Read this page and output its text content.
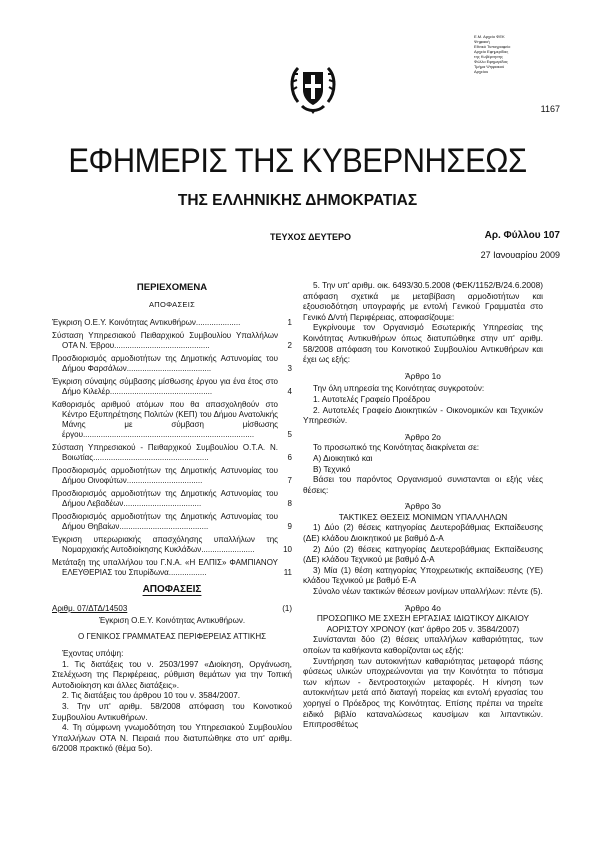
Ε.Μ. Αρχείο ΦΕΚ
Ψηφιακή
Εθνικό Τυπογραφείο
Αρχείο Εφημερίδας
της Κυβέρνησης
Φύλλο Εφημερίδας
Τμήμα Ψηφιακού
Αρχείου
1167
ΕΦΗΜΕΡΙΣ ΤΗΣ ΚΥΒΕΡΝΗΣΕΩΣ
ΤΗΣ ΕΛΛΗΝΙΚΗΣ ΔΗΜΟΚΡΑΤΙΑΣ
ΤΕΥΧΟΣ ΔΕΥΤΕΡΟ	Αρ. Φύλλου 107
27 Ιανουαρίου 2009
ΠΕΡΙΕΧΟΜΕΝΑ
ΑΠΟΦΑΣΕΙΣ
Έγκριση Ο.Ε.Υ. Κοινότητας Αντικυθήρων....................	1
Σύσταση Υπηρεσιακού Πειθαρχικού Συμβουλίου Υπαλλήλων ΟΤΑ Ν. Έβρου...........................................	2
Προσδιορισμός αρμοδιοτήτων της Δημοτικής Αστυνομίας του Δήμου Φαρσάλων......................................	3
Έγκριση σύναψης σύμβασης μίσθωσης έργου για ένα έτος στο Δήμο Κιλελέρ..............................................	4
Καθορισμός αριθμού ατόμων που θα απασχοληθούν στο Κέντρο Εξυπηρέτησης Πολιτών (ΚΕΠ) του Δήμου Ανατολικής Μάνης με σύμβαση μίσθωσης έργου.............................................................................	5
Σύσταση Υπηρεσιακού - Πειθαρχικού Συμβουλίου Ο.Τ.Α. Ν. Βοιωτίας....................................................	6
Προσδιορισμός αρμοδιοτήτων της Δημοτικής Αστυνομίας του Δήμου Οινοφύτων..................................	7
Προσδιορισμός αρμοδιοτήτων της Δημοτικής Αστυνομίας του Δήμου Λεβαδέων...................................	8
Προσδιορισμός αρμοδιοτήτων της Δημοτικής Αστυνομίας του Δήμου Θηβαίων........................................	9
Έγκριση υπερωριακής απασχόλησης υπαλλήλων της Νομαρχιακής Αυτοδιοίκησης Κυκλάδων........................	10
Μετάταξη της υπαλλήλου του Γ.Ν.Α. «Η ΕΛΠΙΣ» ΦΑΜΠΙΑΝΟΥ ΕΛΕΥΘΕΡΙΑΣ του Σπυρίδωνα.................	11
ΑΠΟΦΑΣΕΙΣ
Αριθμ. 07/ΔΤΔ/14503	(1)
Έγκριση Ο.Ε.Υ. Κοινότητας Αντικυθήρων.
Ο ΓΕΝΙΚΟΣ ΓΡΑΜΜΑΤΕΑΣ ΠΕΡΙΦΕΡΕΙΑΣ ΑΤΤΙΚΗΣ
Έχοντας υπόψη:
1. Τις διατάξεις του ν. 2503/1997 «Διοίκηση, Οργάνωση, Στελέχωση της Περιφέρειας, ρύθμιση θεμάτων για την Τοπική Αυτοδιοίκηση και άλλες διατάξεις».
2. Τις διατάξεις του άρθρου 10 του ν. 3584/2007.
3. Την υπ' αριθμ. 58/2008 απόφαση του Κοινοτικού Συμβουλίου Αντικυθήρων.
4. Τη σύμφωνη γνωμοδότηση του Υπηρεσιακού Συμβουλίου Υπαλλήλων ΟΤΑ Ν. Πειραιά που διατυπώθηκε στο υπ' αριθμ. 6/2008 πρακτικό (θέμα 5ο).
5. Την υπ' αριθμ. οικ. 6493/30.5.2008 (ΦΕΚ/1152/Β/24.6.2008) απόφαση σχετικά με μεταβίβαση αρμοδιοτήτων και εξουσιοδότηση υπογραφής με εντολή Γενικού Γραμματέα στο Γενικό Δ/ντή Περιφέρειας, αποφασίζουμε:
Εγκρίνουμε τον Οργανισμό Εσωτερικής Υπηρεσίας της Κοινότητας Αντικυθήρων όπως διατυπώθηκε στην υπ' αριθμ. 58/2008 απόφαση του Κοινοτικού Συμβουλίου Αντικυθήρων και έχει ως εξής:
Άρθρο 1ο
Την όλη υπηρεσία της Κοινότητας συγκροτούν:
1. Αυτοτελές Γραφείο Προέδρου
2. Αυτοτελές Γραφείο Διοικητικών - Οικονομικών και Τεχνικών Υπηρεσιών.
Άρθρο 2ο
Το προσωπικό της Κοινότητας διακρίνεται σε:
Α) Διοικητικό και
Β) Τεχνικό
Βάσει του παρόντος Οργανισμού συνιστανται οι εξής νέες θέσεις:
Άρθρο 3ο
ΤΑΚΤΙΚΕΣ ΘΕΣΕΙΣ ΜΟΝΙΜΩΝ ΥΠΑΛΛΗΛΩΝ
1) Δύο (2) θέσεις κατηγορίας Δευτεροβάθμιας Εκπαίδευσης (ΔΕ) κλάδου Διοικητικού με βαθμό Δ-Α
2) Δύο (2) θέσεις κατηγορίας Δευτεροβάθμιας Εκπαίδευσης (ΔΕ) κλάδου Τεχνικού με βαθμό Δ-Α
3) Μία (1) θέση κατηγορίας Υποχρεωτικής εκπαίδευσης (ΥΕ) κλάδου Τεχνικού με βαθμό Ε-Α
Σύνολο νέων τακτικών θέσεων μονίμων υπαλλήλων: πέντε (5).
Άρθρο 4ο
ΠΡΟΣΩΠΙΚΟ ΜΕ ΣΧΕΣΗ ΕΡΓΑΣΙΑΣ ΙΔΙΩΤΙΚΟΥ ΔΙΚΑΙΟΥ ΑΟΡΙΣΤΟΥ ΧΡΟΝΟΥ (κατ' άρθρο 205 ν. 3584/2007)
Συνίστανται δύο (2) θέσεις υπαλλήλων καθαριότητας, των οποίων τα καθήκοντα καθορίζονται ως εξής:
Συντήρηση των αυτοκινήτων καθαριότητας μεταφορά πάσης φύσεως υλικών υποχρεώνονται για την Κοινότητα το πότισμα των κήπων - δεντροστοιχιών μεταφορές. Η κίνηση των αυτοκινήτων μετά από διαταγή πορείας και εντολή εργασίας του χορηγεί ο Πρόεδρος της Κοινότητας. Επίσης πρέπει να τηρείτε ειδικό βιβλίο καταναλώσεως καυσίμων και λιπαντικών. Επιπροσθέτως
